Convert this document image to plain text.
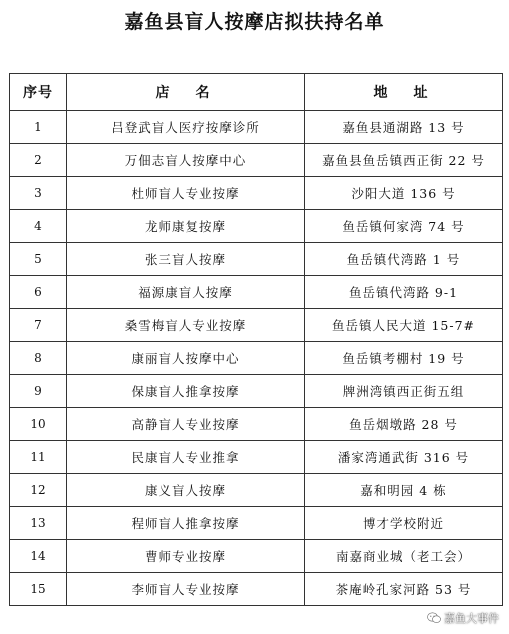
嘉鱼县盲人按摩店拟扶持名单
序号	店　名	地　址
1	吕登武盲人医疗按摩诊所	嘉鱼县通湖路 13 号
2	万佃志盲人按摩中心	嘉鱼县鱼岳镇西正街 22 号
3	杜师盲人专业按摩	沙阳大道 136 号
4	龙师康复按摩	鱼岳镇何家湾 74 号
5	张三盲人按摩	鱼岳镇代湾路 1 号
6	福源康盲人按摩	鱼岳镇代湾路 9-1
7	桑雪梅盲人专业按摩	鱼岳镇人民大道 15-7#
8	康丽盲人按摩中心	鱼岳镇考棚村 19 号
9	保康盲人推拿按摩	牌洲湾镇西正街五组
10	高静盲人专业按摩	鱼岳烟墩路 28 号
11	民康盲人专业推拿	潘家湾通武街 316 号
12	康义盲人按摩	嘉和明园 4 栋
13	程师盲人推拿按摩	博才学校附近
14	曹师专业按摩	南嘉商业城（老工会）
15	李师盲人专业按摩	茶庵岭孔家河路 53 号
嘉鱼大事件
